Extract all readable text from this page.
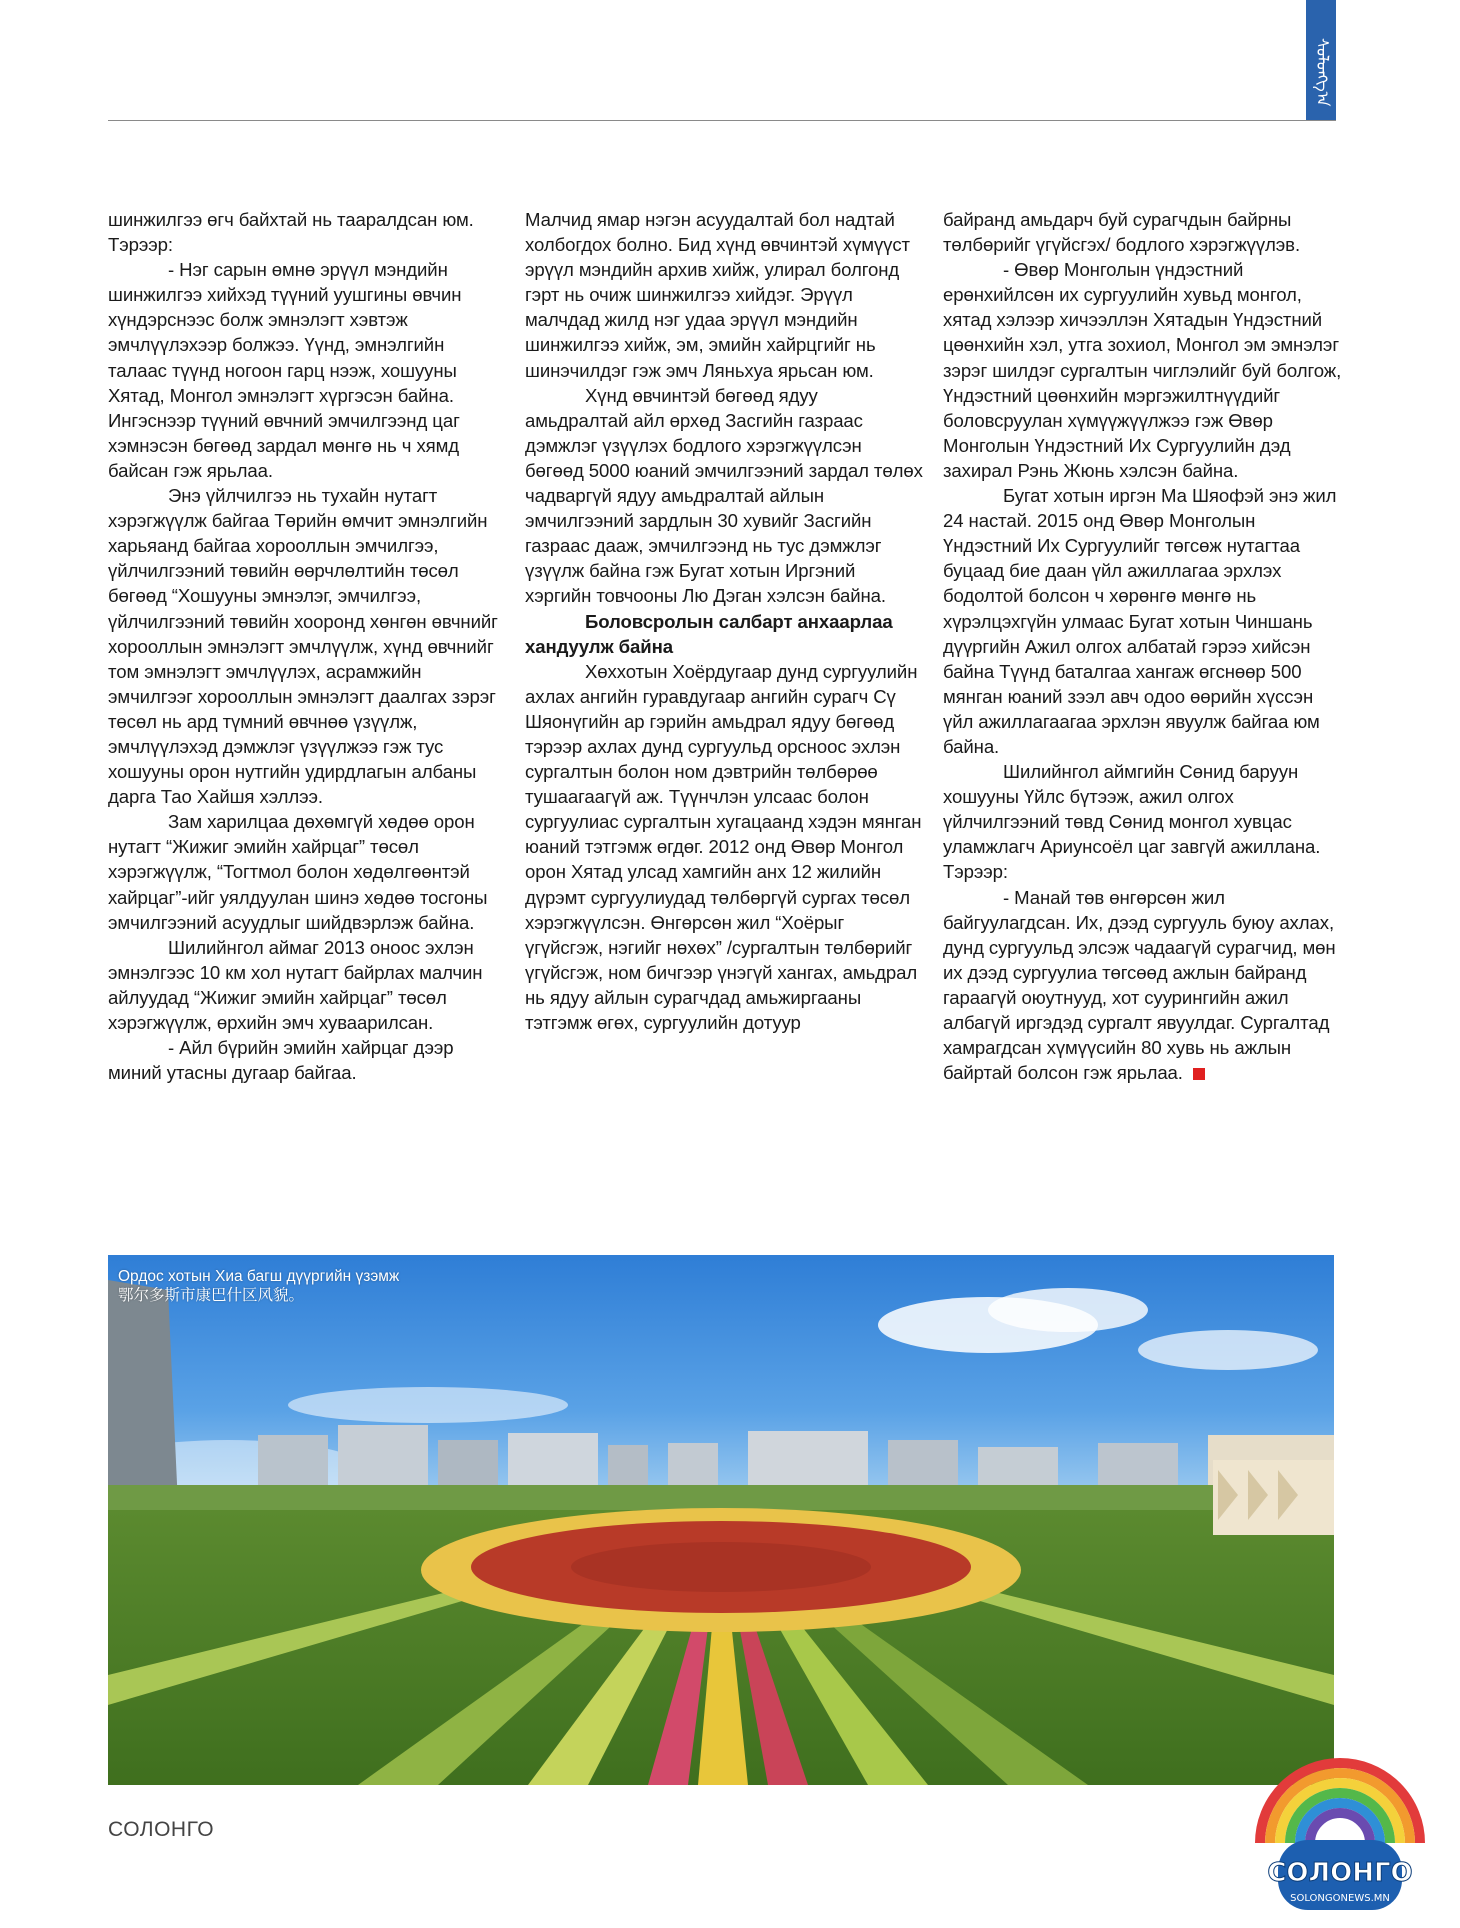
ᠰᠣᠯᠣᠩᠭ᠎ᠠ

шинжилгээ өгч байхтай нь таарaлдсан юм. Тэрээр:

- Нэг сарын өмнө эрүүл мэндийн шинжилгээ хийхэд түүний уушгины өвчин хүндэрснээс болж эмнэлэгт хэвтэж эмчлүүлэхээр болжээ. Үүнд, эмнэлгийн талаас түүнд ногоон гарц нээж, хошууны Хятад, Монгол эмнэлэгт хүргэсэн байна. Ингэснээр түүний өвчний эмчилгээнд цаг хэмнэсэн бөгөөд зардал мөнгө нь ч хямд байсан гэж ярьлаа.

Энэ үйлчилгээ нь тухайн нутагт хэрэгжүүлж байгаа Төрийн өмчит эмнэлгийн харьяанд байгаа хорооллын эмчилгээ, үйлчилгээний төвийн өөрчлөлтийн төсөл бөгөөд “Хошууны эмнэлэг, эмчилгээ, үйлчилгээний төвийн хооронд хөнгөн өвчнийг хорооллын эмнэлэгт эмчлүүлж, хүнд өвчнийг том эмнэлэгт эмчлүүлэх, асрамжийн эмчилгээг хорооллын эмнэлэгт даалгах зэрэг төсөл нь ард түмний өвчнөө үзүүлж, эмчлүүлэхэд дэмжлэг үзүүлжээ гэж тус хошууны орон нутгийн удирдлагын албаны дарга Тао Хайшя хэллээ.

Зам харилцаа дөхөмгүй хөдөө орон нутагт “Жижиг эмийн хайрцаг” төсөл хэрэгжүүлж, “Тогтмол болон хөдөлгөөнтэй хайрцаг”-ийг уялдуулан шинэ хөдөө тосгоны эмчилгээний асуудлыг шийдвэрлэж байна.

Шилийнгол аймаг 2013 оноос эхлэн эмнэлгээс 10 км хол нутагт байрлах малчин айлуудад “Жижиг эмийн хайрцаг” төсөл хэрэгжүүлж, өрхийн эмч хуваарилсан.

- Айл бүрийн эмийн хайрцаг дээр миний утасны дугаар байгаа.

Малчид ямар нэгэн асуудалтай бол надтай холбогдох болно. Бид хүнд өвчинтэй хүмүүст эрүүл мэндийн архив хийж, улирал болгонд гэрт нь очиж шинжилгээ хийдэг. Эрүүл малчдад жилд нэг удаа эрүүл мэндийн шинжилгээ хийж, эм, эмийн хайрцгийг нь шинэчилдэг гэж эмч Ляньхуа ярьсан юм.

Хүнд өвчинтэй бөгөөд ядуу амьдралтай айл өрхөд Засгийн газраас дэмжлэг үзүүлэх бодлого хэрэгжүүлсэн бөгөөд 5000 юаний эмчилгээний зардал төлөх чадваргүй ядуу амьдралтай айлын эмчилгээний зардлын 30 хувийг Засгийн газраас дааж, эмчилгээнд нь тус дэмжлэг үзүүлж байна гэж Бугат хотын Иргэний хэргийн товчооны Лю Дэган хэлсэн байна.

Боловсролын салбарт анхаарлаа хандуулж байна

Хөххотын Хоёрдугаар дунд сургуулийн ахлах ангийн гуравдугаар ангийн сурагч Сү Шяонүгийн ар гэрийн амьдрал ядуу бөгөөд тэрээр ахлах дунд сургуульд орсноос эхлэн сургалтын болон ном дэвтрийн төлбөрөө тушаагаагүй аж. Түүнчлэн улсаас болон сургуулиас сургалтын хугацаанд хэдэн мянган юаний тэтгэмж өгдөг. 2012 онд Өвөр Монгол орон Хятад улсад хамгийн анх 12 жилийн дүрэмт сургуулиудад төлбөргүй сургах төсөл хэрэгжүүлсэн. Өнгөрсөн жил “Хоёрыг үгүйсгэж, нэгийг нөхөх” /сургалтын төлбөрийг үгүйсгэж, ном бичгээр үнэгүй хангах, амьдрал нь ядуу айлын сурагчдад амьжиргааны тэтгэмж өгөх, сургуулийн дотуур

байранд амьдарч буй сурагчдын байрны төлбөрийг үгүйсгэх/ бодлого хэрэгжүүлэв.

- Өвөр Монголын үндэстний ерөнхийлсөн их сургуулийн хувьд монгол, хятад хэлээр хичээллэн Хятадын Үндэстний цөөнхийн хэл, утга зохиол, Монгол эм эмнэлэг зэрэг шилдэг сургалтын чиглэлийг буй болгож, Үндэстний цөөнхийн мэргэжилтнүүдийг боловсруулан хүмүүжүүлжээ гэж Өвөр Монголын Үндэстний Их Сургуулийн дэд захирал Рэнь Жюнь хэлсэн байна.

Бугат хотын иргэн Ма Шяофэй энэ жил 24 настай. 2015 онд Өвөр Монголын Үндэстний Их Сургуулийг төгсөж нутагтаа буцаад бие даан үйл ажиллагаа эрхлэх бодолтой болсон ч хөрөнгө мөнгө нь хүрэлцэхгүйн улмаас Бугат хотын Чиншань дүүргийн Ажил олгох албатай гэрээ хийсэн байна Түүнд баталгаа хангаж өгснөөр 500 мянган юаний зээл авч одоо өөрийн хүссэн үйл ажиллагаагаа эрхлэн явуулж байгаа юм байна.

Шилийнгол аймгийн Сөнид баруун хошууны Үйлс бүтээж, ажил олгох үйлчилгээний төвд Сөнид монгол хувцас уламжлагч Ариунсоёл цаг завгүй ажиллана. Тэрээр:

- Манай төв өнгөрсөн жил байгуулагдсан. Их, дээд сургууль буюу ахлах, дунд сургуульд элсэж чадаагүй сурагчид, мөн их дээд сургуулиа төгсөөд ажлын байранд гараагүй оюутнууд, хот суурингийн ажил албагүй иргэдэд сургалт явуулдаг. Сургалтад хамрагдсан хүмүүсийн 80 хувь нь ажлын байртай болсон гэж ярьлаа.

Ордос хотын Хиа багш дүүргийн үзэмж
鄂尔多斯市康巴什区风貌。
СОЛОНГО
СОЛОНГО
SOLONGONEWS.MN
